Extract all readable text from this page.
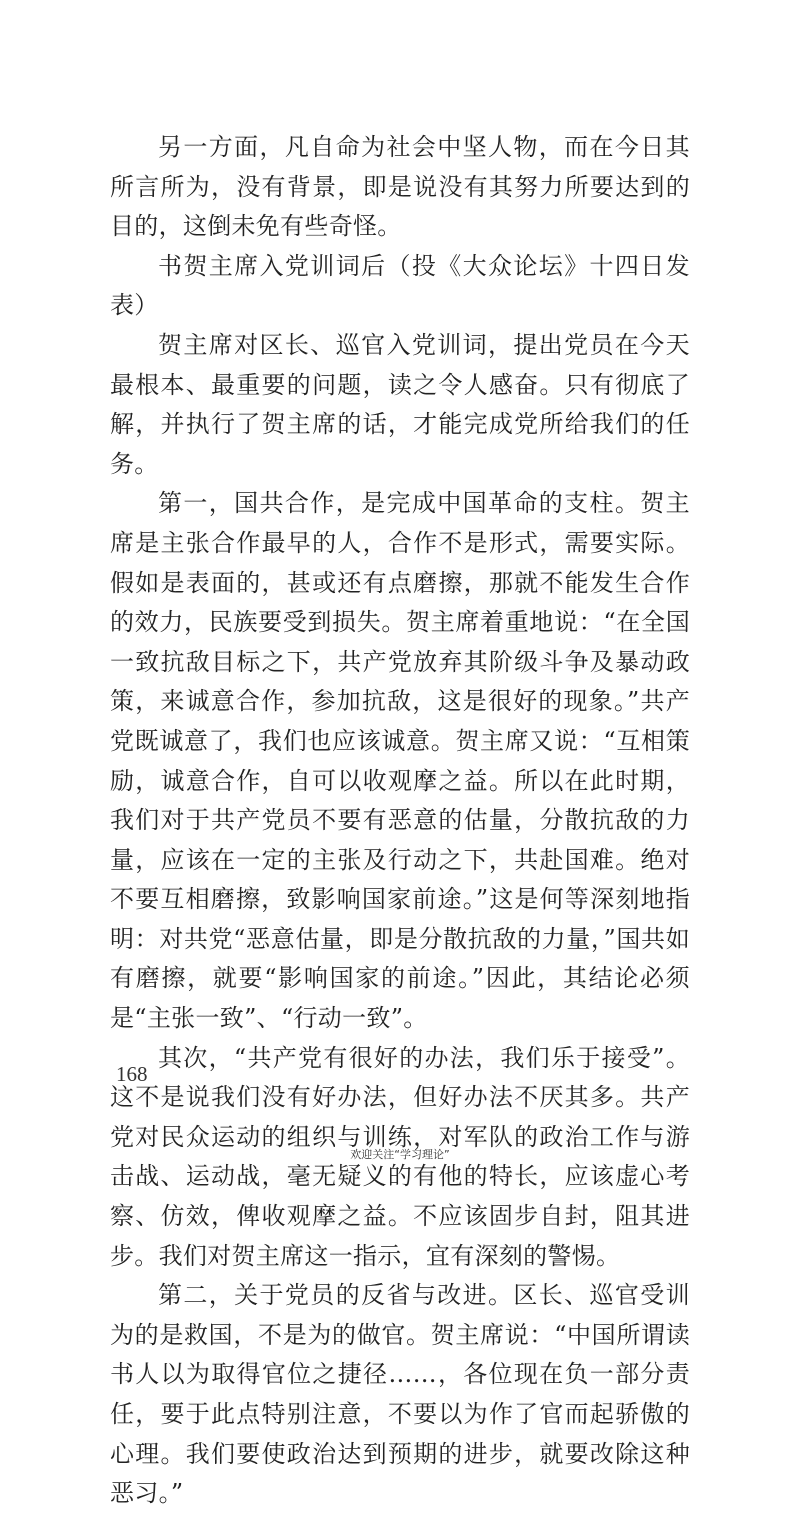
另一方面，凡自命为社会中坚人物，而在今日其所言所为，没有背景，即是说没有其努力所要达到的目的，这倒未免有些奇怪。

书贺主席入党训词后（投《大众论坛》十四日发表）

贺主席对区长、巡官入党训词，提出党员在今天最根本、最重要的问题，读之令人感奋。只有彻底了解，并执行了贺主席的话，才能完成党所给我们的任务。

第一，国共合作，是完成中国革命的支柱。贺主席是主张合作最早的人，合作不是形式，需要实际。假如是表面的，甚或还有点磨擦，那就不能发生合作的效力，民族要受到损失。贺主席着重地说：“在全国一致抗敌目标之下，共产党放弃其阶级斗争及暴动政策，来诚意合作，参加抗敌，这是很好的现象。”共产党既诚意了，我们也应该诚意。贺主席又说：“互相策励，诚意合作，自可以收观摩之益。所以在此时期，我们对于共产党员不要有恶意的估量，分散抗敌的力量，应该在一定的主张及行动之下，共赴国难。绝对不要互相磨擦，致影响国家前途。”这是何等深刻地指明：对共党“恶意估量，即是分散抗敌的力量，”国共如有磨擦，就要“影响国家的前途。”因此，其结论必须是“主张一致”、“行动一致”。

其次，“共产党有很好的办法，我们乐于接受”。这不是说我们没有好办法，但好办法不厌其多。共产党对民众运动的组织与训练，对军队的政治工作与游击战、运动战，毫无疑义的有他的特长，应该虚心考察、仿效，俾收观摩之益。不应该固步自封，阻其进步。我们对贺主席这一指示，宜有深刻的警惕。

第二，关于党员的反省与改进。区长、巡官受训为的是救国，不是为的做官。贺主席说：“中国所谓读书人以为取得官位之捷径……，各位现在负一部分责任，要于此点特别注意，不要以为作了官而起骄傲的心理。我们要使政治达到预期的进步，就要改除这种恶习。”

168
欢迎关注“学习理论”
